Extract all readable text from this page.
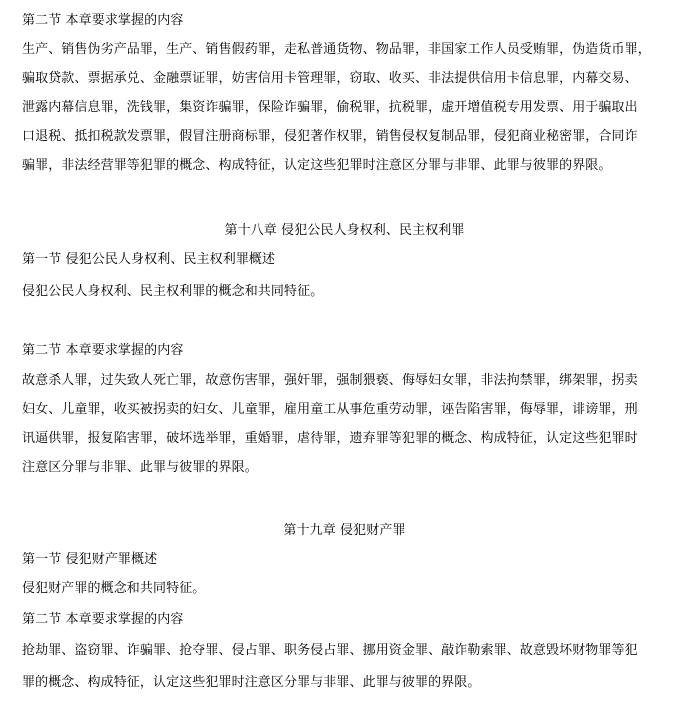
第二节 本章要求掌握的内容
生产、销售伪劣产品罪，生产、销售假药罪，走私普通货物、物品罪，非国家工作人员受贿罪，伪造货币罪，
骗取贷款、票据承兑、金融票证罪，妨害信用卡管理罪，窃取、收买、非法提供信用卡信息罪，内幕交易、
泄露内幕信息罪，洗钱罪，集资诈骗罪，保险诈骗罪，偷税罪，抗税罪，虚开增值税专用发票、用于骗取出
口退税、抵扣税款发票罪，假冒注册商标罪，侵犯著作权罪，销售侵权复制品罪，侵犯商业秘密罪，合同诈
骗罪，非法经营罪等犯罪的概念、构成特征，认定这些犯罪时注意区分罪与非罪、此罪与彼罪的界限。
第十八章 侵犯公民人身权利、民主权利罪
第一节 侵犯公民人身权利、民主权利罪概述
侵犯公民人身权利、民主权利罪的概念和共同特征。
第二节 本章要求掌握的内容
故意杀人罪，过失致人死亡罪，故意伤害罪，强奸罪，强制猥亵、侮辱妇女罪，非法拘禁罪，绑架罪，拐卖
妇女、儿童罪，收买被拐卖的妇女、儿童罪，雇用童工从事危重劳动罪，诬告陷害罪，侮辱罪，诽谤罪，刑
讯逼供罪，报复陷害罪，破坏选举罪，重婚罪，虐待罪，遗弃罪等犯罪的概念、构成特征，认定这些犯罪时
注意区分罪与非罪、此罪与彼罪的界限。
第十九章 侵犯财产罪
第一节 侵犯财产罪概述
侵犯财产罪的概念和共同特征。
第二节 本章要求掌握的内容
抢劫罪、盗窃罪、诈骗罪、抢夺罪、侵占罪、职务侵占罪、挪用资金罪、敲诈勒索罪、故意毁坏财物罪等犯
罪的概念、构成特征，认定这些犯罪时注意区分罪与非罪、此罪与彼罪的界限。
